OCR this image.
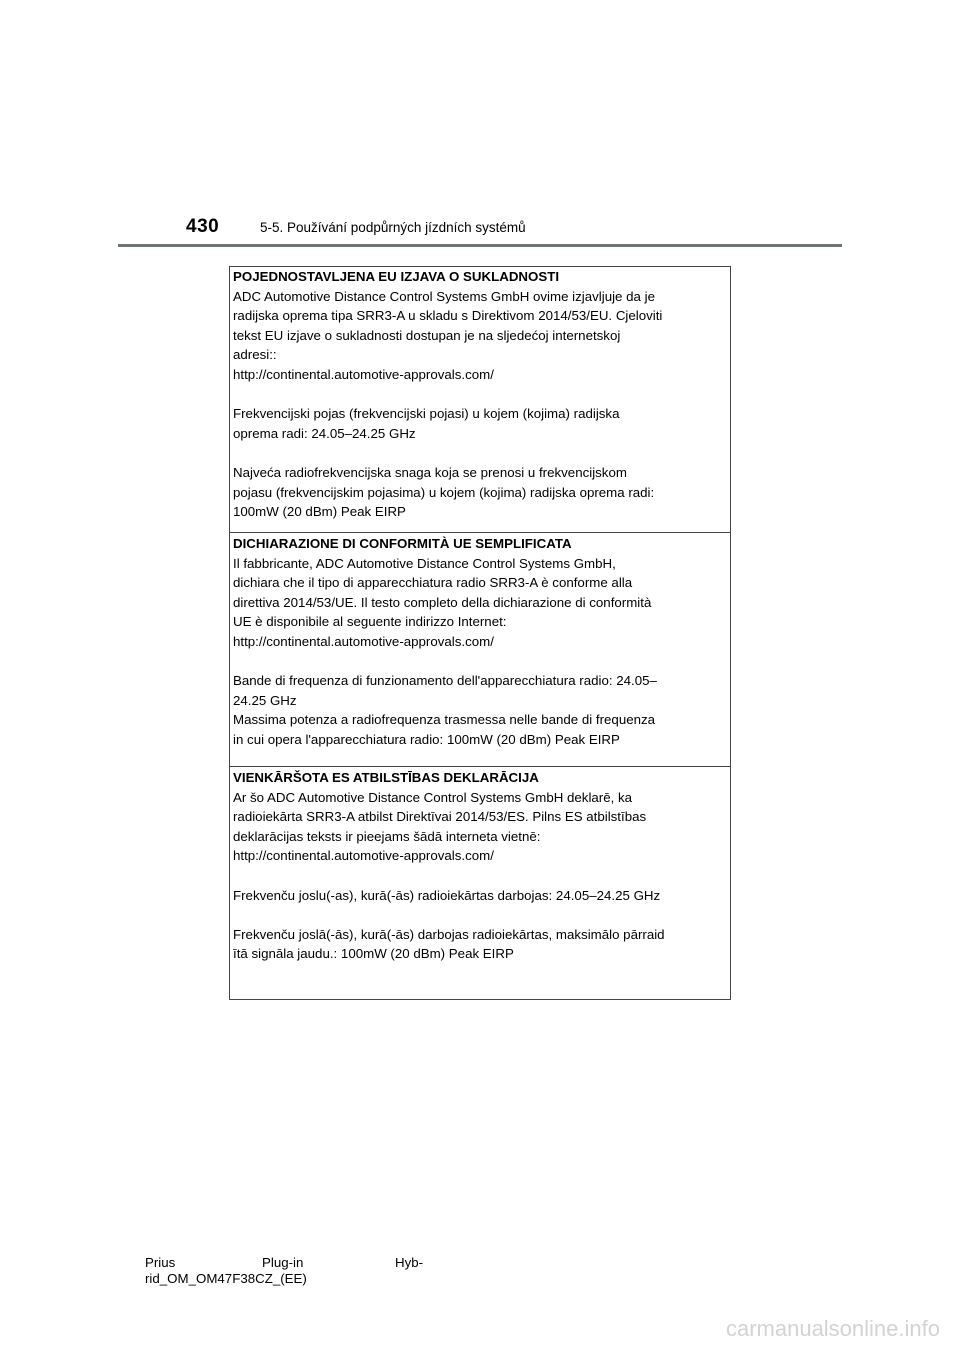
430	5-5. Používání podpůrných jízdních systémů
POJEDNOSTAVLJENA EU IZJAVA O SUKLADNOSTI
ADC Automotive Distance Control Systems GmbH ovime izjavljuje da je
radijska oprema tipa SRR3-A u skladu s Direktivom 2014/53/EU. Cjeloviti
tekst EU izjave o sukladnosti dostupan je na sljedećoj internetskoj
adresi::
http://continental.automotive-approvals.com/
Frekvencijski pojas (frekvencijski pojasi) u kojem (kojima) radijska
oprema radi: 24.05–24.25 GHz
Najveća radiofrekvencijska snaga koja se prenosi u frekvencijskom
pojasu (frekvencijskim pojasima) u kojem (kojima) radijska oprema radi:
100mW (20 dBm) Peak EIRP
DICHIARAZIONE DI CONFORMITÀ UE SEMPLIFICATA
Il fabbricante, ADC Automotive Distance Control Systems GmbH,
dichiara che il tipo di apparecchiatura radio SRR3-A è conforme alla
direttiva 2014/53/UE. Il testo completo della dichiarazione di conformità
UE è disponibile al seguente indirizzo Internet:
http://continental.automotive-approvals.com/
Bande di frequenza di funzionamento dell'apparecchiatura radio: 24.05–
24.25 GHz
Massima potenza a radiofrequenza trasmessa nelle bande di frequenza
in cui opera l'apparecchiatura radio: 100mW (20 dBm) Peak EIRP
VIENKĀRŠOTA ES ATBILSTĪBAS DEKLARĀCIJA
Ar šo ADC Automotive Distance Control Systems GmbH deklarē, ka
radioiekārta SRR3-A atbilst Direktīvai 2014/53/ES. Pilns ES atbilstības
deklarācijas teksts ir pieejams šādā interneta vietnē:
http://continental.automotive-approvals.com/
Frekvenču joslu(-as), kurā(-ās) radioiekārtas darbojas: 24.05–24.25 GHz
Frekvenču joslā(-ās), kurā(-ās) darbojas radioiekārtas, maksimālo pārraid
ītā signāla jaudu.: 100mW (20 dBm) Peak EIRP
Prius	Plug-in	Hyb-
rid_OM_OM47F38CZ_(EE)
carmanualsonline.info
